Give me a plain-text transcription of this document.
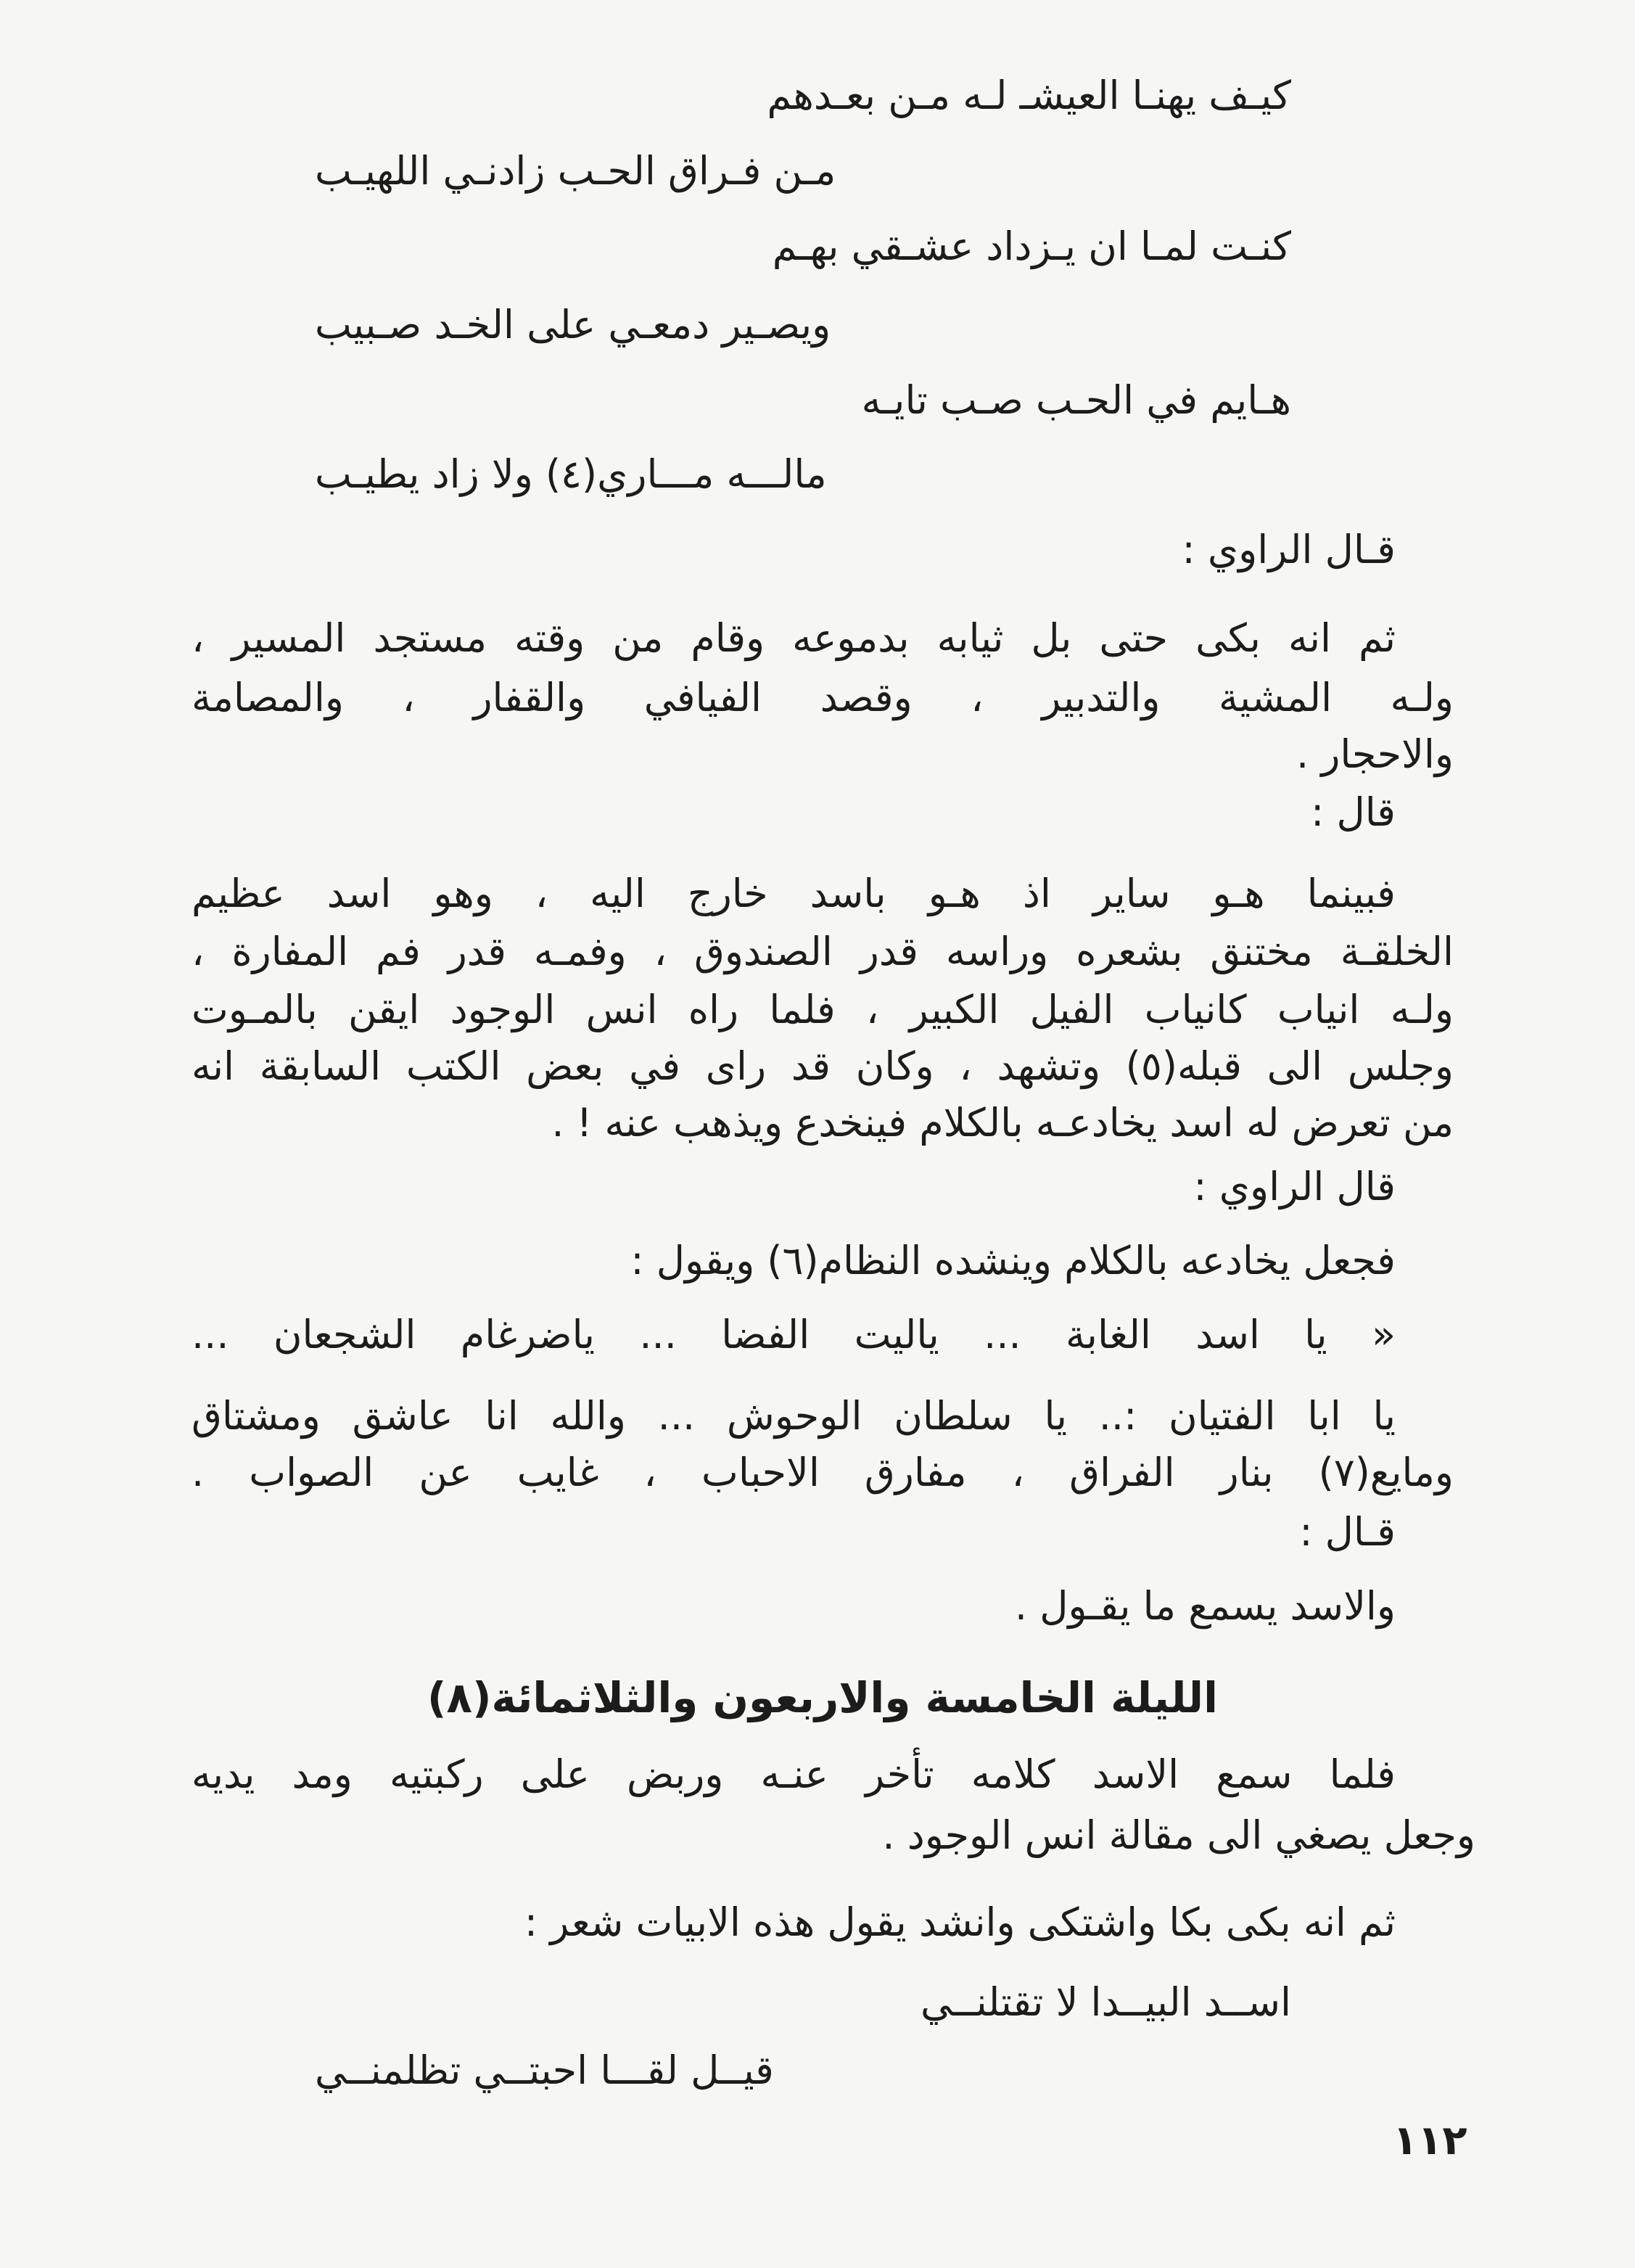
كيـف يهنـا العيشـ لـه مـن بعـدهم
مـن فـراق الحـب زادنـي اللهيـب
كنـت لمـا ان يـزداد عشـقي بهـم
ويصـير دمعـي على الخـد صـبيب
هـايم في الحـب صـب تايـه
مالـــه مـــاري(٤) ولا زاد يطيـب
قـال الراوي :
ثم انه بكى حتى بل ثيابه بدموعه وقام من وقته مستجد المسير ،
ولـه المشية والتدبير ، وقصد الفيافي والقفار ، والمصامة
والاحجار .
قال :
فبينما هـو ساير اذ هـو باسد خارج اليه ، وهو اسد عظيم
الخلقـة مختنق بشعره وراسه قدر الصندوق ، وفمـه قدر فم المفارة ،
ولـه انياب كانياب الفيل الكبير ، فلما راه انس الوجود ايقن بالمـوت
وجلس الى قبله(٥) وتشهد ، وكان قد راى في بعض الكتب السابقة انه
من تعرض له اسد يخادعـه بالكلام فينخدع ويذهب عنه ! .
قال الراوي :
فجعل يخادعه بالكلام وينشده النظام(٦) ويقول :
« يا اسد الغابة ... ياليت الفضا ... ياضرغام الشجعان ...
يا ابا الفتيان :.. يا سلطان الوحوش ... والله انا عاشق ومشتاق
ومايع(٧) بنار الفراق ، مفارق الاحباب ، غايب عن الصواب .
قـال :
والاسد يسمع ما يقـول .
الليلة الخامسة والاربعون والثلاثمائة(٨)
فلما سمع الاسد كلامه تأخر عنـه وربض على ركبتيه ومد يديه
وجعل يصغي الى مقالة انس الوجود .
ثم انه بكى بكا واشتكى وانشد يقول هذه الابيات شعر :
اســد البيــدا لا تقتلنــي
قيــل لقـــا احبتــي تظلمنــي
١١٢
